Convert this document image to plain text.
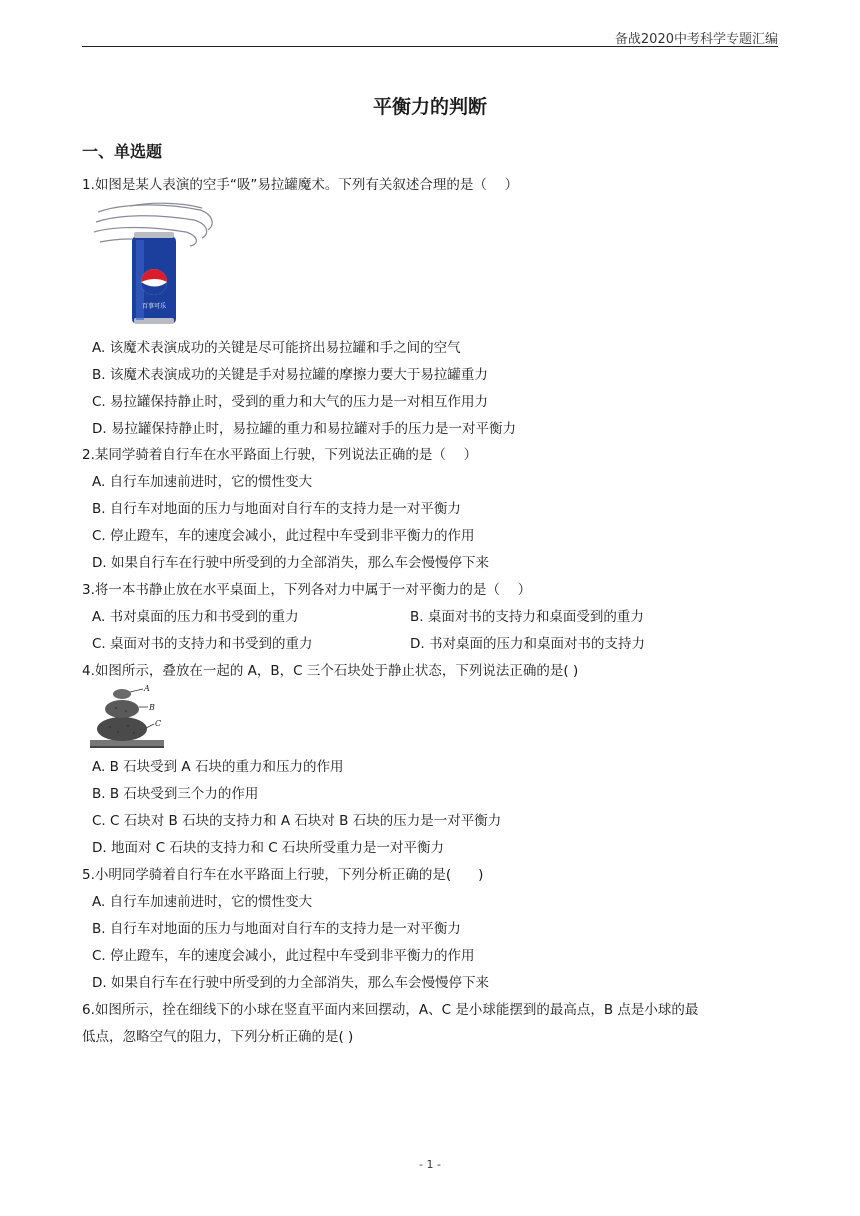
备战2020中考科学专题汇编
平衡力的判断
一、单选题
1.如图是某人表演的空手“吸”易拉罐魔术。下列有关叙述合理的是（　 ）
百事可乐
A. 该魔术表演成功的关键是尽可能挤出易拉罐和手之间的空气
B. 该魔术表演成功的关键是手对易拉罐的摩擦力要大于易拉罐重力
C. 易拉罐保持静止时，受到的重力和大气的压力是一对相互作用力
D. 易拉罐保持静止时，易拉罐的重力和易拉罐对手的压力是一对平衡力
2.某同学骑着自行车在水平路面上行驶，下列说法正确的是（　 ）
A. 自行车加速前进时，它的惯性变大
B. 自行车对地面的压力与地面对自行车的支持力是一对平衡力
C. 停止蹬车，车的速度会减小，此过程中车受到非平衡力的作用
D. 如果自行车在行驶中所受到的力全部消失，那么车会慢慢停下来
3.将一本书静止放在水平桌面上，下列各对力中属于一对平衡力的是（　 ）
A. 书对桌面的压力和书受到的重力	B. 桌面对书的支持力和桌面受到的重力
C. 桌面对书的支持力和书受到的重力	D. 书对桌面的压力和桌面对书的支持力
4.如图所示，叠放在一起的 A，B，C 三个石块处于静止状态，下列说法正确的是( )
A
B
C
A. B 石块受到 A 石块的重力和压力的作用
B. B 石块受到三个力的作用
C. C 石块对 B 石块的支持力和 A 石块对 B 石块的压力是一对平衡力
D. 地面对 C 石块的支持力和 C 石块所受重力是一对平衡力
5.小明同学骑着自行车在水平路面上行驶，下列分析正确的是(　　)
A. 自行车加速前进时，它的惯性变大
B. 自行车对地面的压力与地面对自行车的支持力是一对平衡力
C. 停止蹬车，车的速度会减小，此过程中车受到非平衡力的作用
D. 如果自行车在行驶中所受到的力全部消失，那么车会慢慢停下来
6.如图所示，拴在细线下的小球在竖直平面内来回摆动，A、C 是小球能摆到的最高点，B 点是小球的最
低点，忽略空气的阻力，下列分析正确的是( )
- 1 -
